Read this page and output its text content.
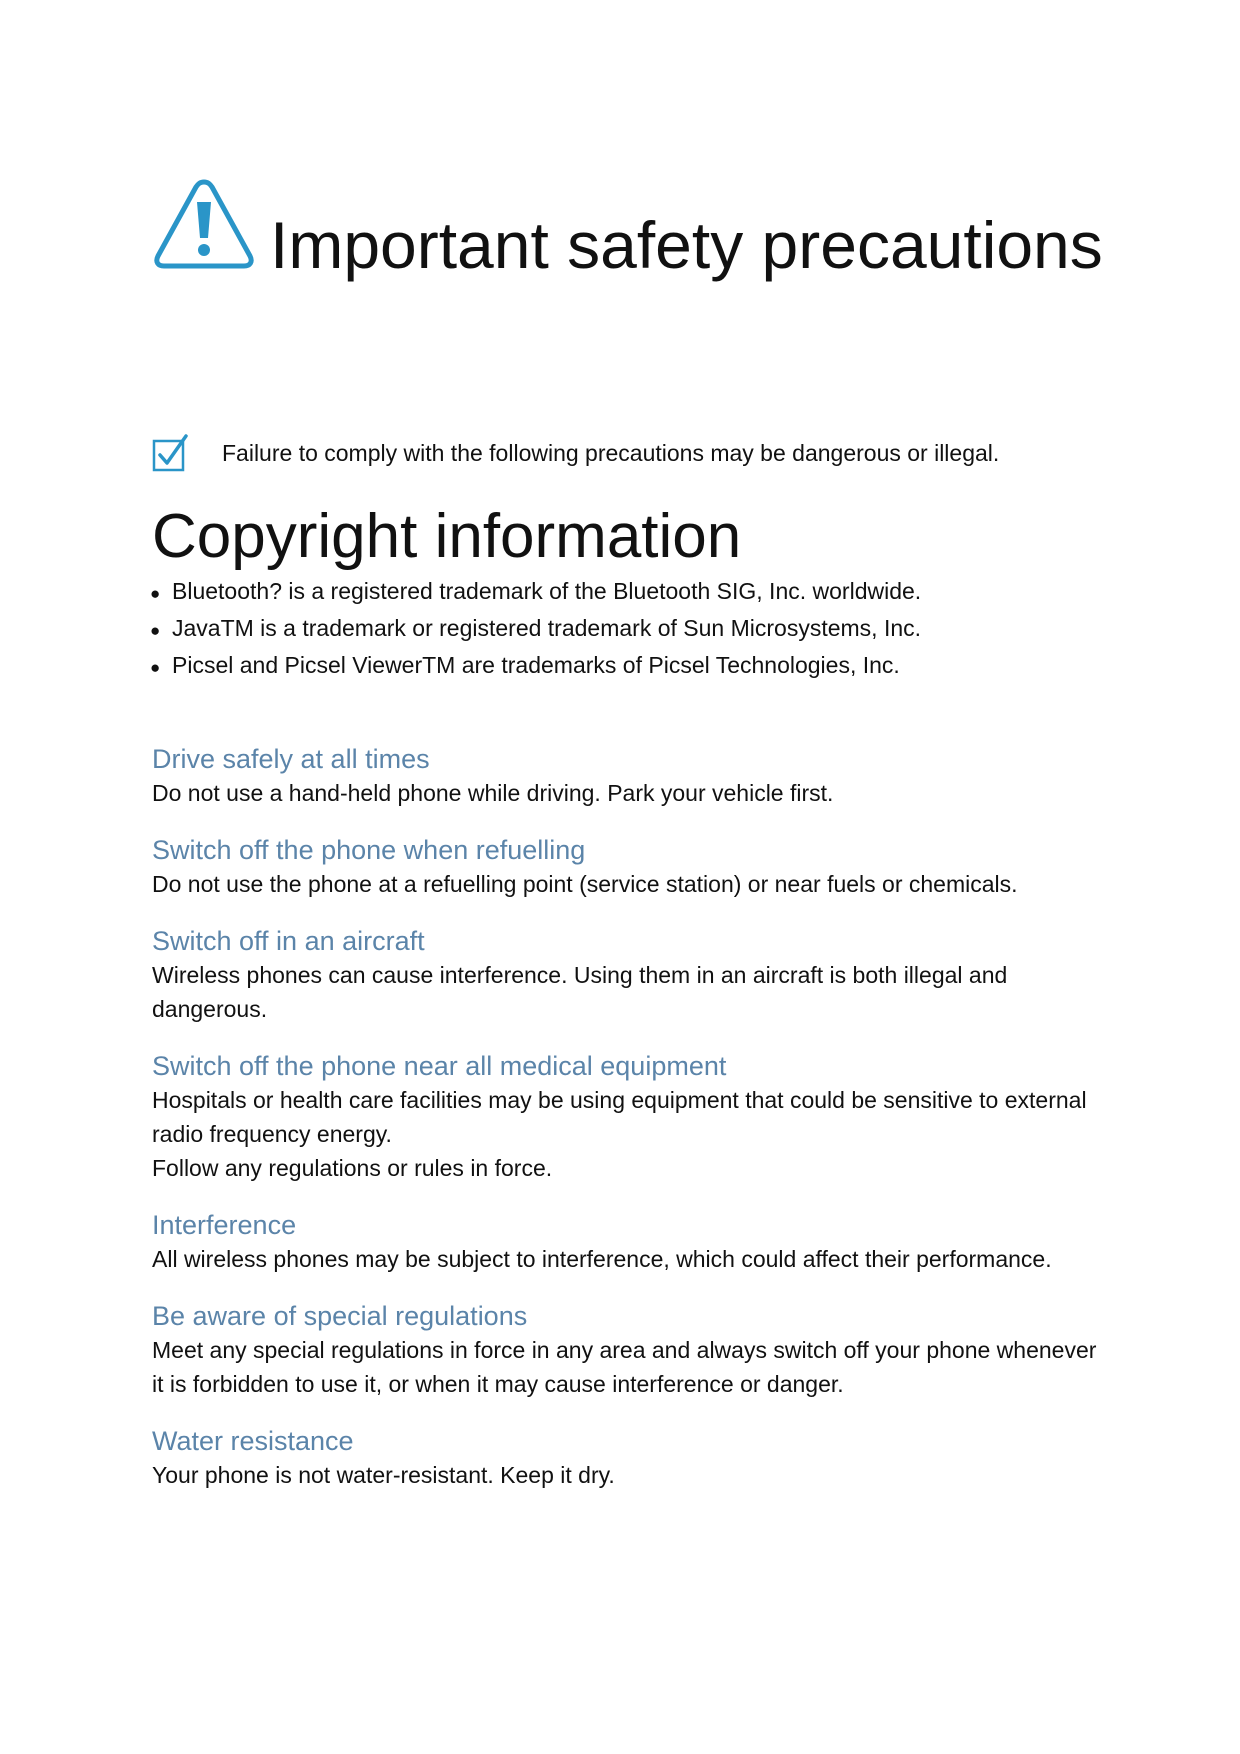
Important safety precautions
Failure to comply with the following precautions may be dangerous or illegal.
Copyright information
● Bluetooth? is a registered trademark of the Bluetooth SIG, Inc. worldwide.
● JavaTM is a trademark or registered trademark of Sun Microsystems, Inc.
● Picsel and Picsel ViewerTM are trademarks of Picsel Technologies, Inc.
Drive safely at all times

Do not use a hand-held phone while driving. Park your vehicle first.

Switch off the phone when refuelling

Do not use the phone at a refuelling point (service station) or near fuels or chemicals.

Switch off in an aircraft

Wireless phones can cause interference. Using them in an aircraft is both illegal and dangerous.

Switch off the phone near all medical equipment

Hospitals or health care facilities may be using equipment that could be sensitive to external radio frequency energy.

Follow any regulations or rules in force.

Interference

All wireless phones may be subject to interference, which could affect their performance.

Be aware of special regulations

Meet any special regulations in force in any area and always switch off your phone whenever it is forbidden to use it, or when it may cause interference or danger.

Water resistance

Your phone is not water-resistant. Keep it dry.
